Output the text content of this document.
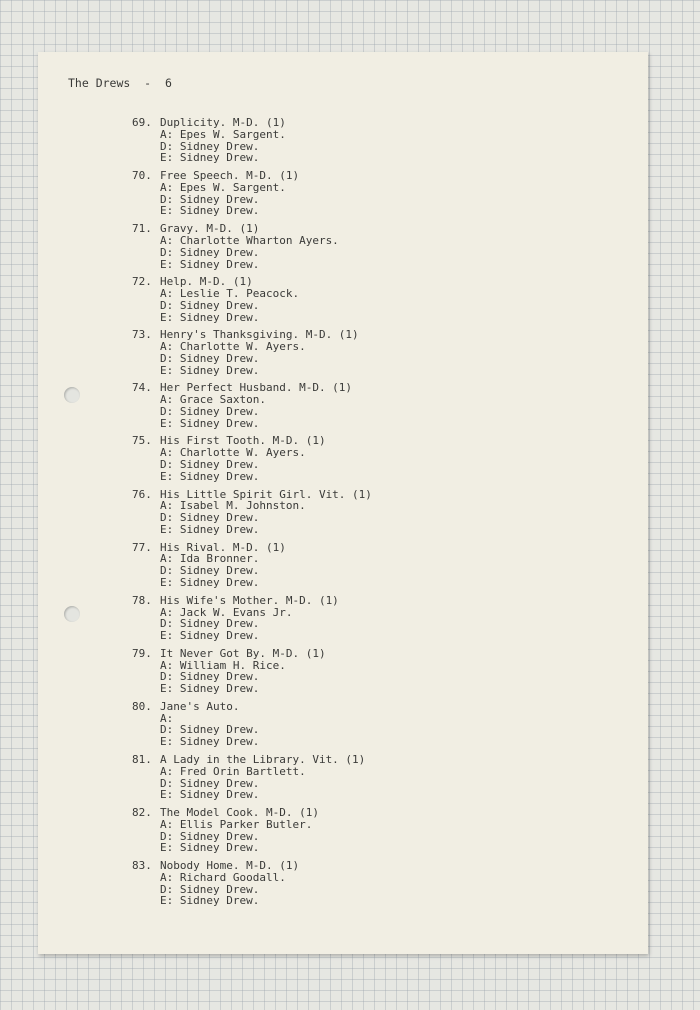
The Drews - 6
69. Duplicity. M-D. (1)
A: Epes W. Sargent.
D: Sidney Drew.
E: Sidney Drew.
70. Free Speech. M-D. (1)
A: Epes W. Sargent.
D: Sidney Drew.
E: Sidney Drew.
71. Gravy. M-D. (1)
A: Charlotte Wharton Ayers.
D: Sidney Drew.
E: Sidney Drew.
72. Help. M-D. (1)
A: Leslie T. Peacock.
D: Sidney Drew.
E: Sidney Drew.
73. Henry's Thanksgiving. M-D. (1)
A: Charlotte W. Ayers.
D: Sidney Drew.
E: Sidney Drew.
74. Her Perfect Husband. M-D. (1)
A: Grace Saxton.
D: Sidney Drew.
E: Sidney Drew.
75. His First Tooth. M-D. (1)
A: Charlotte W. Ayers.
D: Sidney Drew.
E: Sidney Drew.
76. His Little Spirit Girl. Vit. (1)
A: Isabel M. Johnston.
D: Sidney Drew.
E: Sidney Drew.
77. His Rival. M-D. (1)
A: Ida Bronner.
D: Sidney Drew.
E: Sidney Drew.
78. His Wife's Mother. M-D. (1)
A: Jack W. Evans Jr.
D: Sidney Drew.
E: Sidney Drew.
79. It Never Got By. M-D. (1)
A: William H. Rice.
D: Sidney Drew.
E: Sidney Drew.
80. Jane's Auto.
A:
D: Sidney Drew.
E: Sidney Drew.
81. A Lady in the Library. Vit. (1)
A: Fred Orin Bartlett.
D: Sidney Drew.
E: Sidney Drew.
82. The Model Cook. M-D. (1)
A: Ellis Parker Butler.
D: Sidney Drew.
E: Sidney Drew.
83. Nobody Home. M-D. (1)
A: Richard Goodall.
D: Sidney Drew.
E: Sidney Drew.
